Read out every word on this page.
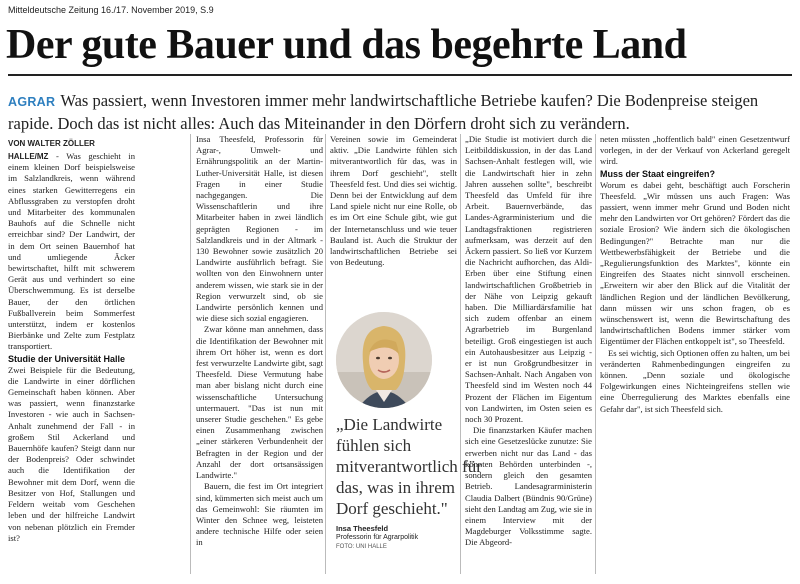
Mitteldeutsche Zeitung 16./17. November 2019, S.9
Der gute Bauer und das begehrte Land
AGRAR Was passiert, wenn Investoren immer mehr landwirtschaftliche Betriebe kaufen? Die Bodenpreise steigen rapide. Doch das ist nicht alles: Auch das Miteinander in den Dörfern droht sich zu verändern.
VON WALTER ZÖLLER

HALLE/MZ - Was geschieht in einem kleinen Dorf beispielsweise im Salzlandkreis, wenn während eines starken Gewitterregens ein Abflussgraben zu verstopfen droht und Mitarbeiter des kommunalen Bauhofs auf die Schnelle nicht erreichbar sind? Der Landwirt, der in dem Ort seinen Bauernhof hat und umliegende Äcker bewirtschaftet, hilft mit schwerem Gerät aus und verhindert so eine Überschwemmung. Es ist derselbe Bauer, der den örtlichen Fußballverein beim Sommerfest unterstützt, indem er kostenlos Bierbänke und Zelte zum Festplatz transportiert.

Studie der Universität Halle

Zwei Beispiele für die Bedeutung, die Landwirte in einer dörflichen Gemeinschaft haben können. Aber was passiert, wenn finanzstarke Investoren - wie auch in Sachsen-Anhalt zunehmend der Fall - in großem Stil Ackerland und Bauernhöfe kaufen? Steigt dann nur der Bodenpreis? Oder schwindet auch die Identifikation der Bewohner mit dem Dorf, wenn die Besitzer von Hof, Stallungen und Feldern weitab vom Geschehen leben und der hilfreiche Landwirt von nebenan plötzlich ein Fremder ist?

Insa Theesfeld, Professorin für Agrar-, Umwelt- und Ernährungspolitik an der Martin-Luther-Universität Halle, ist diesen Fragen in einer Studie nachgegangen. Die Wissenschaftlerin und ihre Mitarbeiter haben in zwei ländlich geprägten Regionen - im Salzlandkreis und in der Altmark - 130 Bewohner sowie zusätzlich 20 Landwirte ausführlich befragt. Sie wollten von den Einwohnern unter anderem wissen, wie stark sie in der Region verwurzelt sind, ob sie Landwirte persönlich kennen und wie diese sich sozial engagieren.

Zwar könne man annehmen, dass die Identifikation der Bewohner mit ihrem Ort höher ist, wenn es dort fest verwurzelte Landwirte gibt, sagt Theesfeld. Diese Vermutung habe man aber bislang nicht durch eine wissenschaftliche Untersuchung untermauert. "Das ist nun mit unserer Studie geschehen." Es gebe einen Zusammenhang zwischen „einer stärkeren Verbundenheit der Befragten in der Region und der Anzahl der dort ortsansässigen Landwirte."

Bauern, die fest im Ort integriert sind, kümmerten sich meist auch um das Gemeinwohl: Sie räumten im Winter den Schnee weg, leisteten andere technische Hilfe oder seien in

Vereinen sowie im Gemeinderat aktiv. „Die Landwirte fühlen sich mitverantwortlich für das, was in ihrem Dorf geschieht", stellt Theesfeld fest. Und dies sei wichtig. Denn bei der Entwicklung auf dem Land spiele nicht nur eine Rolle, ob es im Ort eine Schule gibt, wie gut der Internetanschluss und wie teuer Bauland ist. Auch die Struktur der landwirtschaftlichen Betriebe sei von Bedeutung.

„Die Landwirte fühlen sich mitverantwortlich für das, was in ihrem Dorf geschieht."
Insa Theesfeld
Professorin für Agrarpolitik
FOTO: UNI HALLE

„Die Studie ist motiviert durch die Leitbilddiskussion, in der das Land Sachsen-Anhalt festlegen will, wie die Landwirtschaft hier in zehn Jahren aussehen sollte", beschreibt Theesfeld das Umfeld für ihre Arbeit. Bauernverbände, das Landes-Agrarministerium und die Landtagsfraktionen registrieren aufmerksam, was derzeit auf den Äckern passiert. So ließ vor Kurzem die Nachricht aufhorchen, das Aldi-Erben über eine Stiftung einen landwirtschaftlichen Großbetrieb in der Nähe von Leipzig gekauft haben. Die Milliardärsfamilie hat sich zudem offenbar an einem Agrarbetrieb im Burgenland beteiligt. Groß eingestiegen ist auch ein Autohausbesitzer aus Leipzig - er ist nun Großgrundbesitzer in Sachsen-Anhalt. Nach Angaben von Theesfeld sind im Westen noch 44 Prozent der Flächen im Eigentum von Landwirten, im Osten seien es noch 30 Prozent.

Die finanzstarken Käufer machen sich eine Gesetzeslücke zunutze: Sie erwerben nicht nur das Land - das könnten Behörden unterbinden -, sondern gleich den gesamten Betrieb. Landesagrarministerin Claudia Dalbert (Bündnis 90/Grüne) sieht den Landtag am Zug, wie sie in einem Interview mit der Magdeburger Volksstimme sagte. Die Abgeord-

neten müssten „hoffentlich bald" einen Gesetzentwurf vorlegen, in der der Verkauf von Ackerland geregelt wird.

Muss der Staat eingreifen?

Worum es dabei geht, beschäftigt auch Forscherin Theesfeld. „Wir müssen uns auch Fragen: Was passiert, wenn immer mehr Grund und Boden nicht mehr den Landwirten vor Ort gehören? Fördert das die soziale Erosion? Wie ändern sich die ökologischen Bedingungen?" Betrachte man nur die Wettbewerbsfähigkeit der Betriebe und die „Regulierungsfunktion des Marktes", könnte ein Eingreifen des Staates nicht sinnvoll erscheinen. „Erweitern wir aber den Blick auf die Vitalität der ländlichen Region und der ländlichen Bevölkerung, dann müssen wir uns schon fragen, ob es wünschenswert ist, wenn die Bewirtschaftung des landwirtschaftlichen Bodens immer stärker vom Eigentümer der Flächen entkoppelt ist", so Theesfeld.

Es sei wichtig, sich Optionen offen zu halten, um bei veränderten Rahmenbedingungen eingreifen zu können. „Denn soziale und ökologische Folgewirkungen eines Nichteingreifens stellen wie eine Überregulierung des Marktes ebenfalls eine Gefahr dar", ist sich Theesfeld sich.
